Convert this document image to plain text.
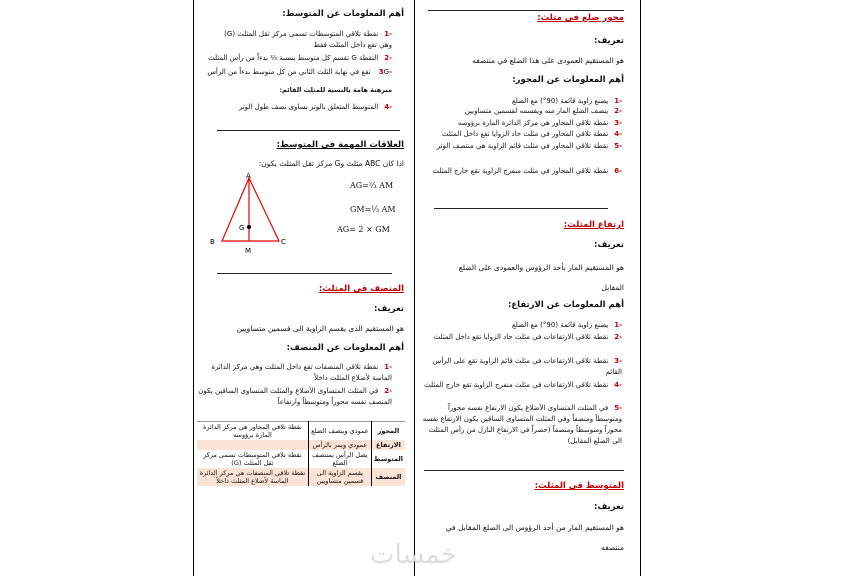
محور ضلع فى مثلث:
تعريف:
هو المستقيم العمودى على هذا الضلع في منتصفه
أهم المعلومات عن المحور:
-1يصنع زاوية قائمة (90°) مع الضلع
-2ينصف الضلع المار منه ويقسمه لقسمين متساويين
-3نقطة تلاقي المحاور هي مركز الدائرة المارة برؤوسه
-4نقطة تلاقي المحاور في مثلث حاد الزوايا تقع داخل المثلث
-5نقطة تلاقي المحاور في مثلث قائم الزاوية هي منتصف الوتر
-6نقطة تلاقي المحاور في مثلث منفرج الزاوية تقع خارج المثلث
ارتفاع المثلث:
تعريف:
هو المستقيم المار بأحد الرؤوس والعمودى على الضلع
المقابل
أهم المعلومات عن الارتفاع:
-1يصنع زاوية قائمة (90°) مع الضلع
-2نقطة تلاقي الارتفاعات في مثلث حاد الزوايا تقع داخل المثلث
-3نقطة تلاقي الارتفاعات في مثلث قائم الزاوية تقع على الرأس القائم
-4نقطة تلاقي الارتفاعات في مثلث منفرج الزاوية تقع خارج المثلث
-5في المثلث المتساوى الأضلاع يكون الارتفاع نفسه محوراً ومتوسطاً ومنصفاً وفي المثلث المتساوى الساقين يكون الارتفاع نفسه محوراً ومتوسطاً ومنصفاً (حصراً في الارتفاع النازل من رأس المثلث الى الضلع المقابل)
المتوسط فى المثلث:
تعريف:
هو المستقيم المار من أحد الرؤوس الى الضلع المقابل في
منتصفه
أهم المعلومات عن المتوسط:
-1نقطة تلاقي المتوسطات تسمى مركز ثقل المثلث (G) وهي تقع داخل المثلث فقط
-2النقطة G تقسم كل متوسط بنسبة ⅔ بدءاً من رأس المثلث
-3G تقع في نهاية الثلث الثاني من كل متوسط بدءاً من الرأس
مبرهنة هامة بالنسبة للمثلث القائم:
-4المتوسط المتعلق بالوتر يساوى نصف طول الوتر
العلاقات المهمة فى المتوسط:
اذا كان ABC مثلث وG مركز ثقل المثلث يكون:
A
B	C
M
G
AG=⅔ AM
GM=⅓ AM
AG= 2 × GM
المنصف فى المثلث:
تعريف:
هو المستقيم الذى يقسم الزاوية الى قسمين متساويين
أهم المعلومات عن المنصف:
-1نقطة تلاقي المنصفات تقع داخل المثلث وهي مركز الدائرة الماسة لأضلاع المثلث داخلاً
-2في المثلث المتساوى الأضلاع والمثلث المتساوى الساقين يكون المنصف نفسه محوراً ومتوسطاً وارتفاعاً
المحور	عمودي وينصف الضلع	نقطة تلاقي المحاور هي مركز الدائرة المارة برؤوسه
الارتفاع	عمودي ويمر بالرأس	
المتوسط	يصل الرأس بمنتصف الضلع	نقطة تلاقي المتوسطات تسمى مركز ثقل المثلث (G)
المنصف	يقسم الزاوية الى قسمين متساويين	نقطة تلاقي المنصفات هي مركز الدائرة الماسة لأضلاع المثلث داخلاً
خمسات
